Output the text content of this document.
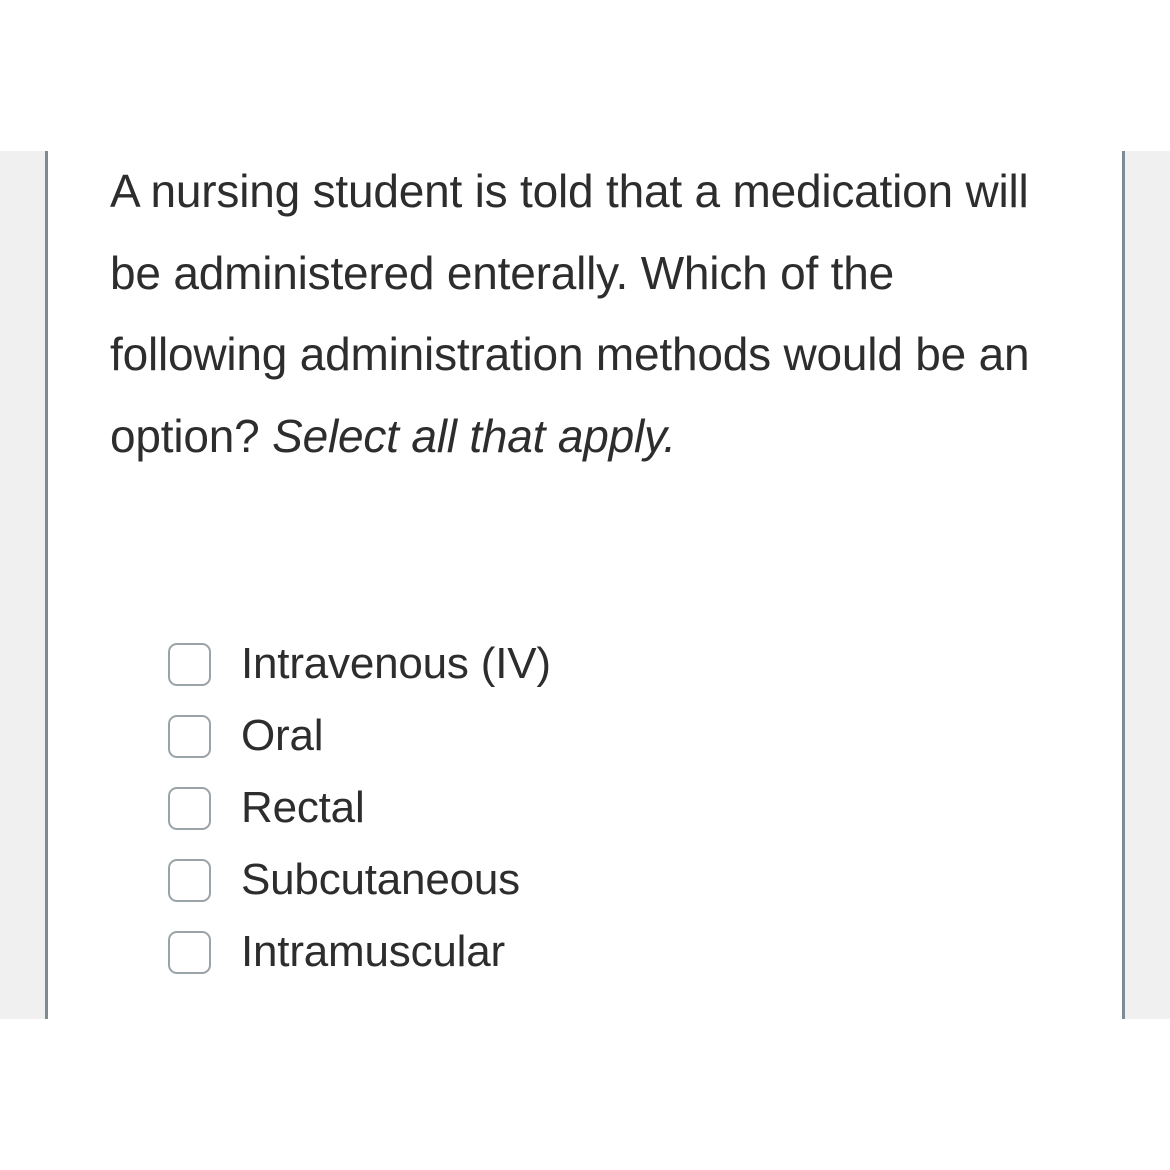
A nursing student is told that a medication will be administered enterally. Which of the following administration methods would be an option? Select all that apply.

Intravenous (IV)
Oral
Rectal
Subcutaneous
Intramuscular
